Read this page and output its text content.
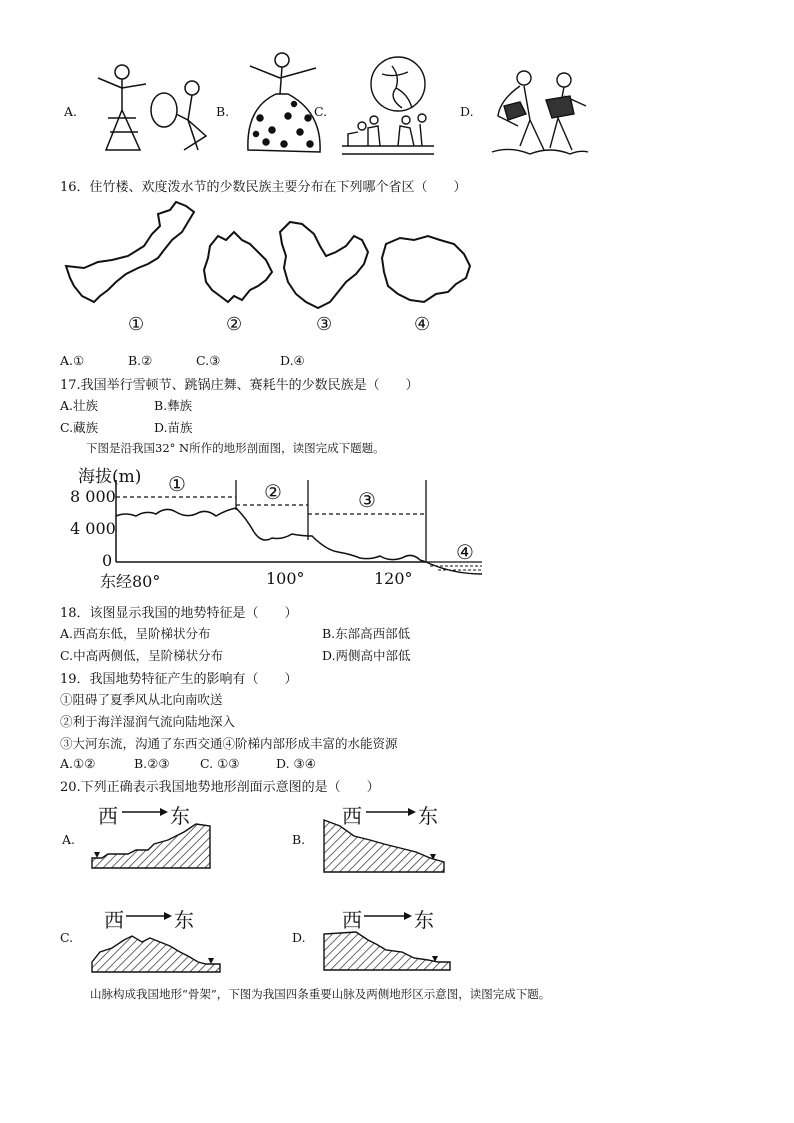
A.	B.	C.	D.
16．住竹楼、欢度泼水节的少数民族主要分布在下列哪个省区（　　）
①	②	③	④
A.①	B.②	C.③	D.④
17.我国举行雪顿节、跳锅庄舞、赛耗牛的少数民族是（　　）
A.壮族	B.彝族
C.藏族	D.苗族
下图是沿我国32° N所作的地形剖面图，读图完成下题题。
海拔(m)
8 000
4 000
0
①	②	③
④
东经80°	100°	120°
18．该图显示我国的地势特征是（　　）
A.西高东低，呈阶梯状分布	B.东部高西部低
C.中高两侧低，呈阶梯状分布	D.两侧高中部低
19．我国地势特征产生的影响有（　　）
①阻碍了夏季风从北向南吹送
②利于海洋湿润气流向陆地深入
③大河东流，沟通了东西交通④阶梯内部形成丰富的水能资源
A.①②	B.②③ C. ①③	D. ③④
20.下列正确表示我国地势地形剖面示意图的是（　　）
A.
西	东
B.
西	东
C.
西	东
D.
西	东
山脉构成我国地形“骨架”，下图为我国四条重要山脉及两侧地形区示意图，读图完成下题。
